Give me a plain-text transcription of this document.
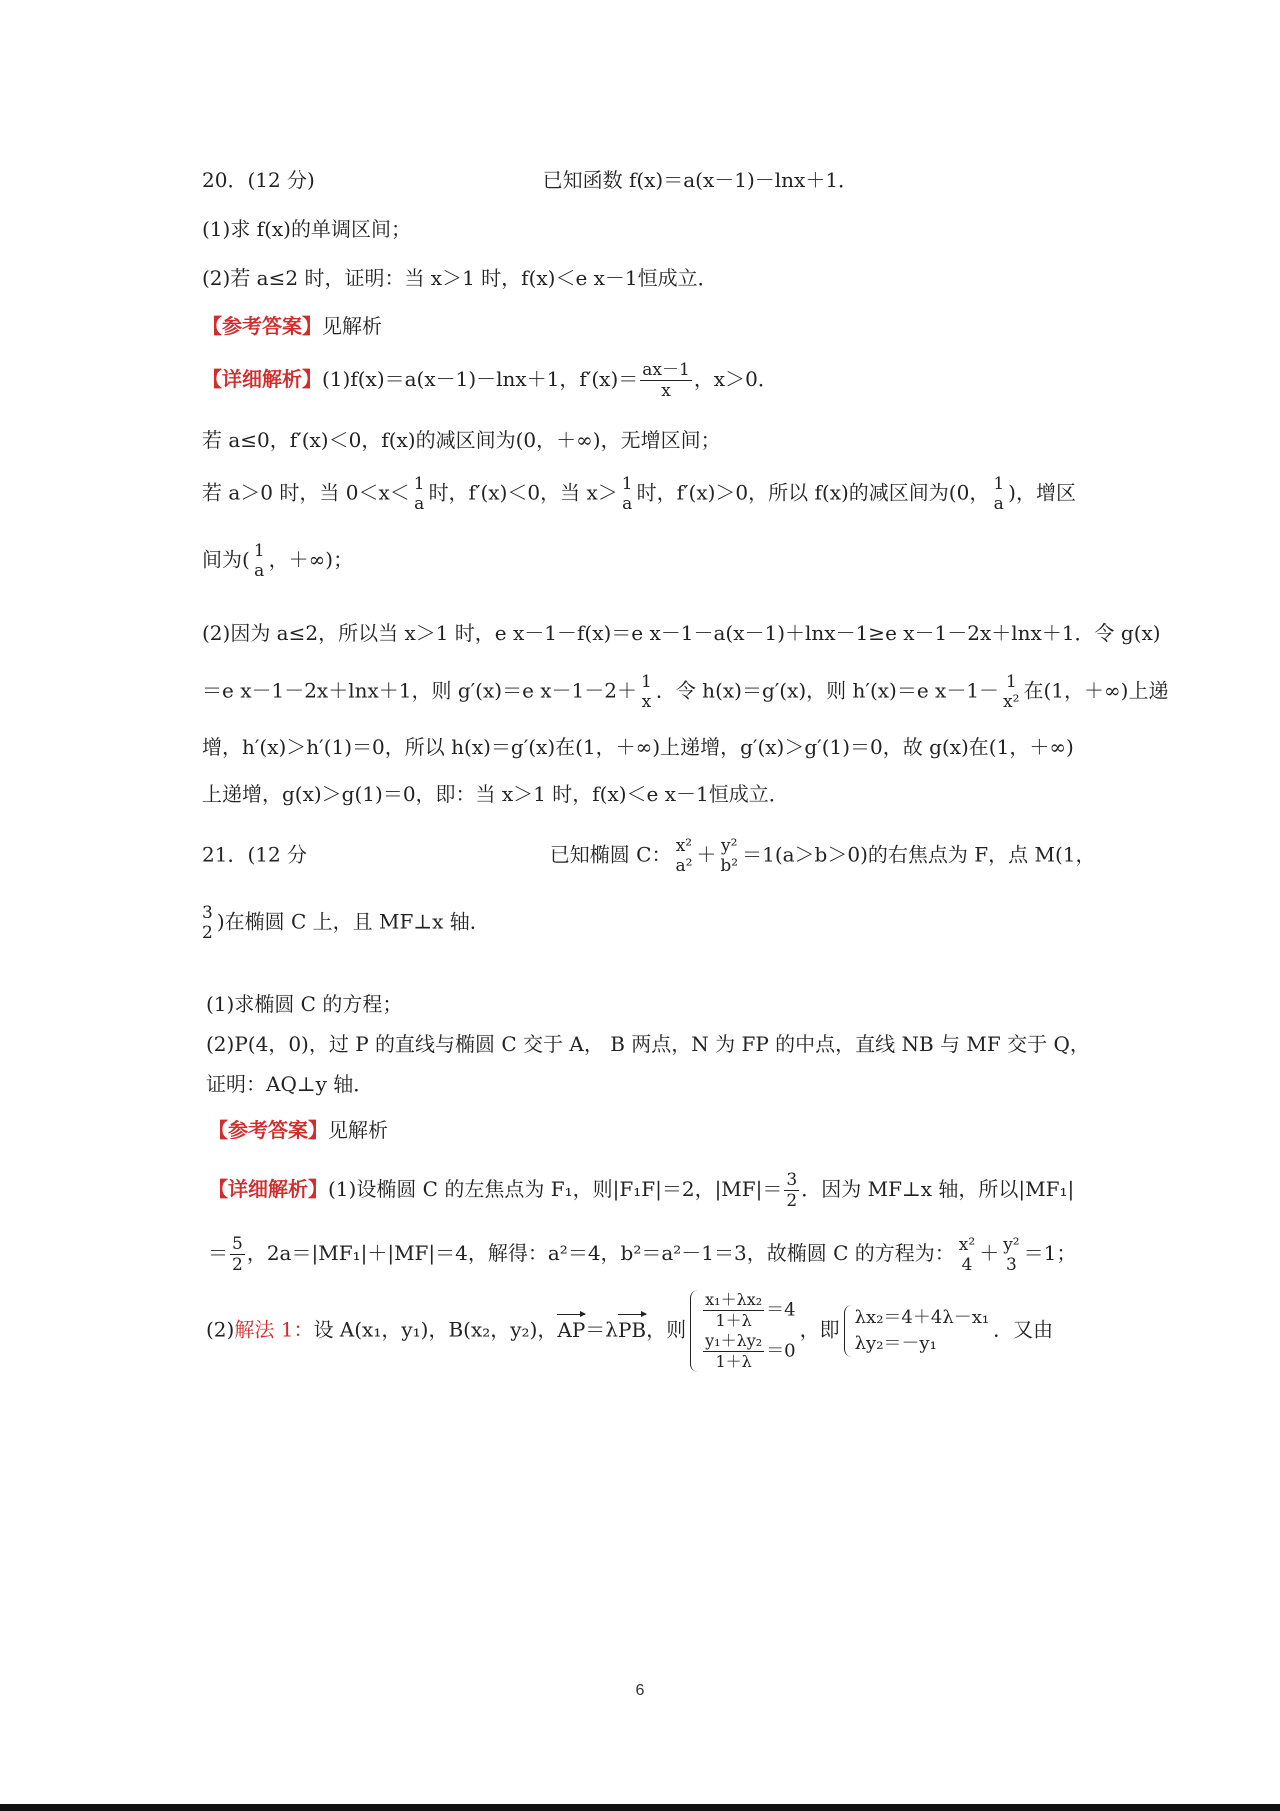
20．(12 分)	已知函数 f(x)＝a(x－1)－lnx＋1．
(1)求 f(x)的单调区间；
(2)若 a≤2 时，证明：当 x＞1 时，f(x)＜e x－1恒成立．
【参考答案】见解析
【详细解析】(1)f(x)＝a(x－1)－lnx＋1，$f'(x)= \frac{ax-1}{x}$ ，x＞0．
若 a≤0，f′(x)＜0，f(x)的减区间为(0，＋∞)，无增区间；
若 a＞0 时，当 0＜x＜ 1
a 时，f′(x)＜0，当 x＞ 1
a 时，f′(x)＞0，所以 f(x)的减区间为(0， 1
a )，增区
间为( 1
a ，＋∞)；
(2)因为 a≤2，所以当 x＞1 时，e x－1－f(x)＝e x－1－a(x－1)＋lnx－1≥e x－1－2x＋lnx＋1．令 g(x)
＝e x－1－2x＋lnx＋1，则 g′(x)＝e x－1－2＋ 1
x ．令 h(x)＝g′(x)，则 h′(x)＝e x－1－ 1
x² 在(1，＋∞)上递
增，h′(x)＞h′(1)＝0，所以 h(x)＝g′(x)在(1，＋∞)上递增，g′(x)＞g′(1)＝0，故 g(x)在(1，＋∞)
上递增，g(x)＞g(1)＝0，即：当 x＞1 时，f(x)＜e x－1恒成立．
21．(12 分	已知椭圆 C： x²
a² ＋ y²
b² ＝1(a＞b＞0)的右焦点为 F，点 M(1，
3
2 )在椭圆 C 上，且 MF⊥x 轴．
(1)求椭圆 C 的方程；
(2)P(4，0)，过 P 的直线与椭圆 C 交于 A， B 两点，N 为 FP 的中点，直线 NB 与 MF 交于 Q，
证明：AQ⊥y 轴．
【参考答案】见解析
【详细解析】(1)设椭圆 C 的左焦点为 F₁，则|F₁F|＝2，$|MF|= \frac{3}{2}$ ．因为 MF⊥x 轴，所以|MF₁|
＝ $\frac{5}{2}$ ，2a＝|MF₁|＋|MF|＝4，解得：a²＝4，b²＝a²－1＝3，故椭圆 C 的方程为： x²
4 ＋ y²
3 ＝1；
(2)解法 1：设 A(x₁，y₁)，B(x₂，y₂)，AP＝λPB，则 $\frac{\text{x₁＋λx₂}}{1+\lambda} =4$
$\frac{\text{y₁＋λy₂}}{1+\lambda} =0$
，即 λx₂＝4＋4λ－x₁
λy₂＝－y₁
．又由
6
